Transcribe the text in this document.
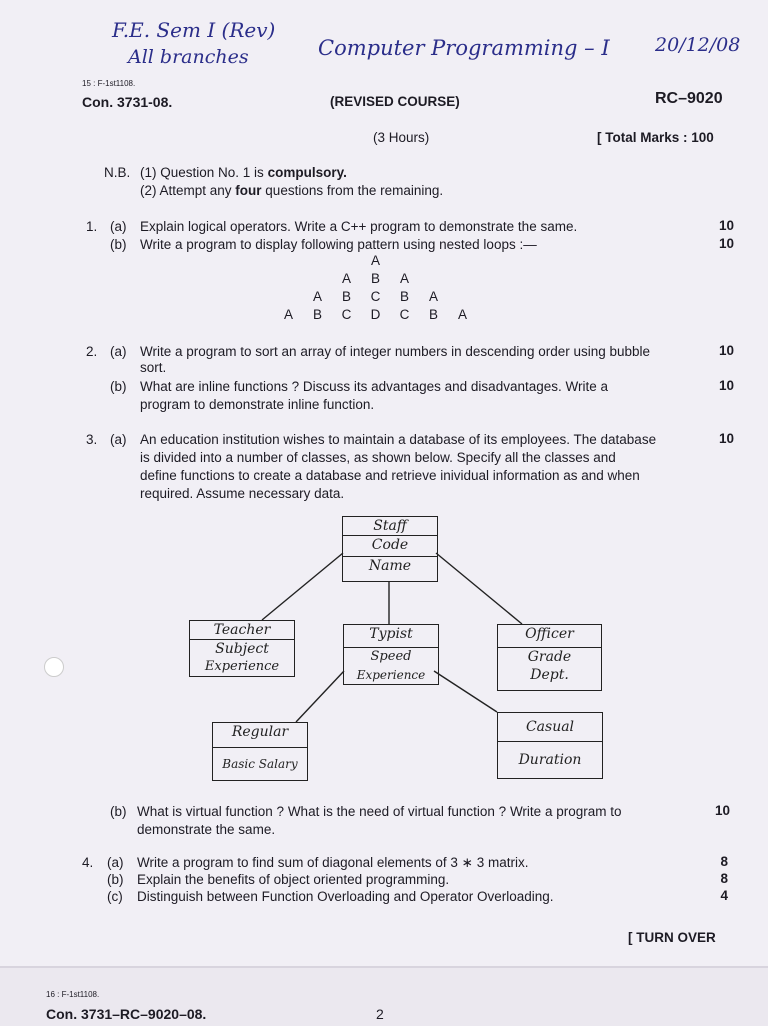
F.E. Sem I (Rev)
All branches	Computer Programming – I 20/12/08
15 : F-1st1108.
Con. 3731-08.	(REVISED COURSE)	RC–9020
(3 Hours)	[ Total Marks : 100
N.B. (1) Question No. 1 is compulsory.
(2) Attempt any four questions from the remaining.
1. (a) Explain logical operators. Write a C++ program to demonstrate the same.	10
(b) Write a program to display following pattern using nested loops :—	10
A
A B A
A B C B A
A B C D C B A
2. (a) Write a program to sort an array of integer numbers in descending order using bubble
sort.
10
(b) What are inline functions ? Discuss its advantages and disadvantages. Write a
program to demonstrate inline function.
10
3. (a) An education institution wishes to maintain a database of its employees. The database
is divided into a number of classes, as shown below. Specify all the classes and
define functions to create a database and retrieve inividual information as and when
required. Assume necessary data.
10
Staff
Code
Name
Teacher
Subject
Experience
Typist
Speed
Experience
Officer
Grade
Dept.
Regular
Basic Salary
Casual
Duration
(b) What is virtual function ? What is the need of virtual function ? Write a program to
demonstrate the same.
10
4. (a) Write a program to find sum of diagonal elements of 3 ∗ 3 matrix.	8
(b) Explain the benefits of object oriented programming.	8
(c) Distinguish between Function Overloading and Operator Overloading.	4
[ TURN OVER
16 : F-1st1108.
Con. 3731–RC–9020–08.	2
